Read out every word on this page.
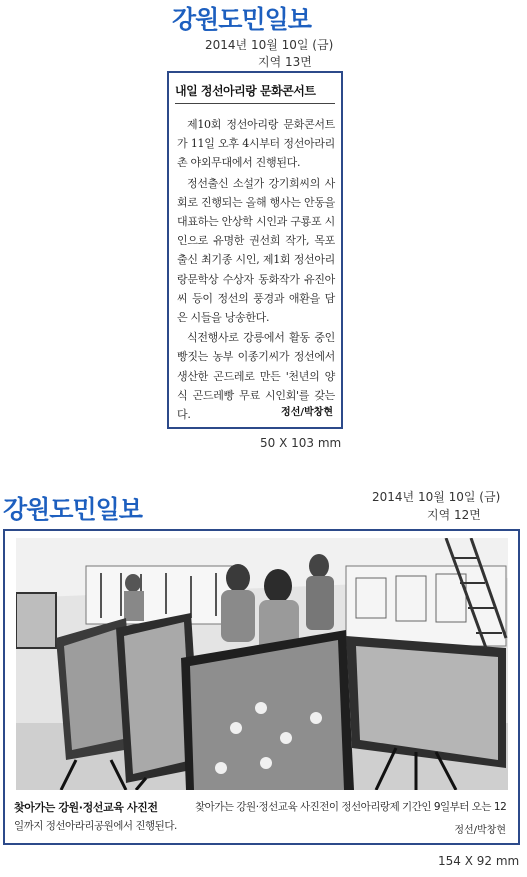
강원도민일보
2014년 10월 10일 (금)
지역 13면
내일 정선아리랑 문화콘서트

제10회 정선아리랑 문화콘서트가 11일 오후 4시부터 정선아라리촌 야외무대에서 진행된다.

정선출신 소설가 강기희씨의 사회로 진행되는 올해 행사는 안동을 대표하는 안상학 시인과 구룡포 시인으로 유명한 권선희 작가, 목포 출신 최기종 시인, 제1회 정선아리랑문학상 수상자 동화작가 유진아씨 등이 정선의 풍경과 애환을 담은 시들을 낭송한다.

식전행사로 강릉에서 활동 중인 빵짓는 농부 이종기씨가 정선에서 생산한 곤드레로 만든 '천년의 양식 곤드레빵 무료 시인회'를 갖는다.	정선/박창현
50 X 103 mm
강원도민일보	2014년 10월 10일 (금)
지역 12면
찾아가는 강원·정선교육 사진전	찾아가는 강원·정선교육 사진전이 정선아리랑제 기간인 9일부터 오는 12
일까지 정선아라리공원에서 진행된다.	정선/박창현
154 X 92 mm
